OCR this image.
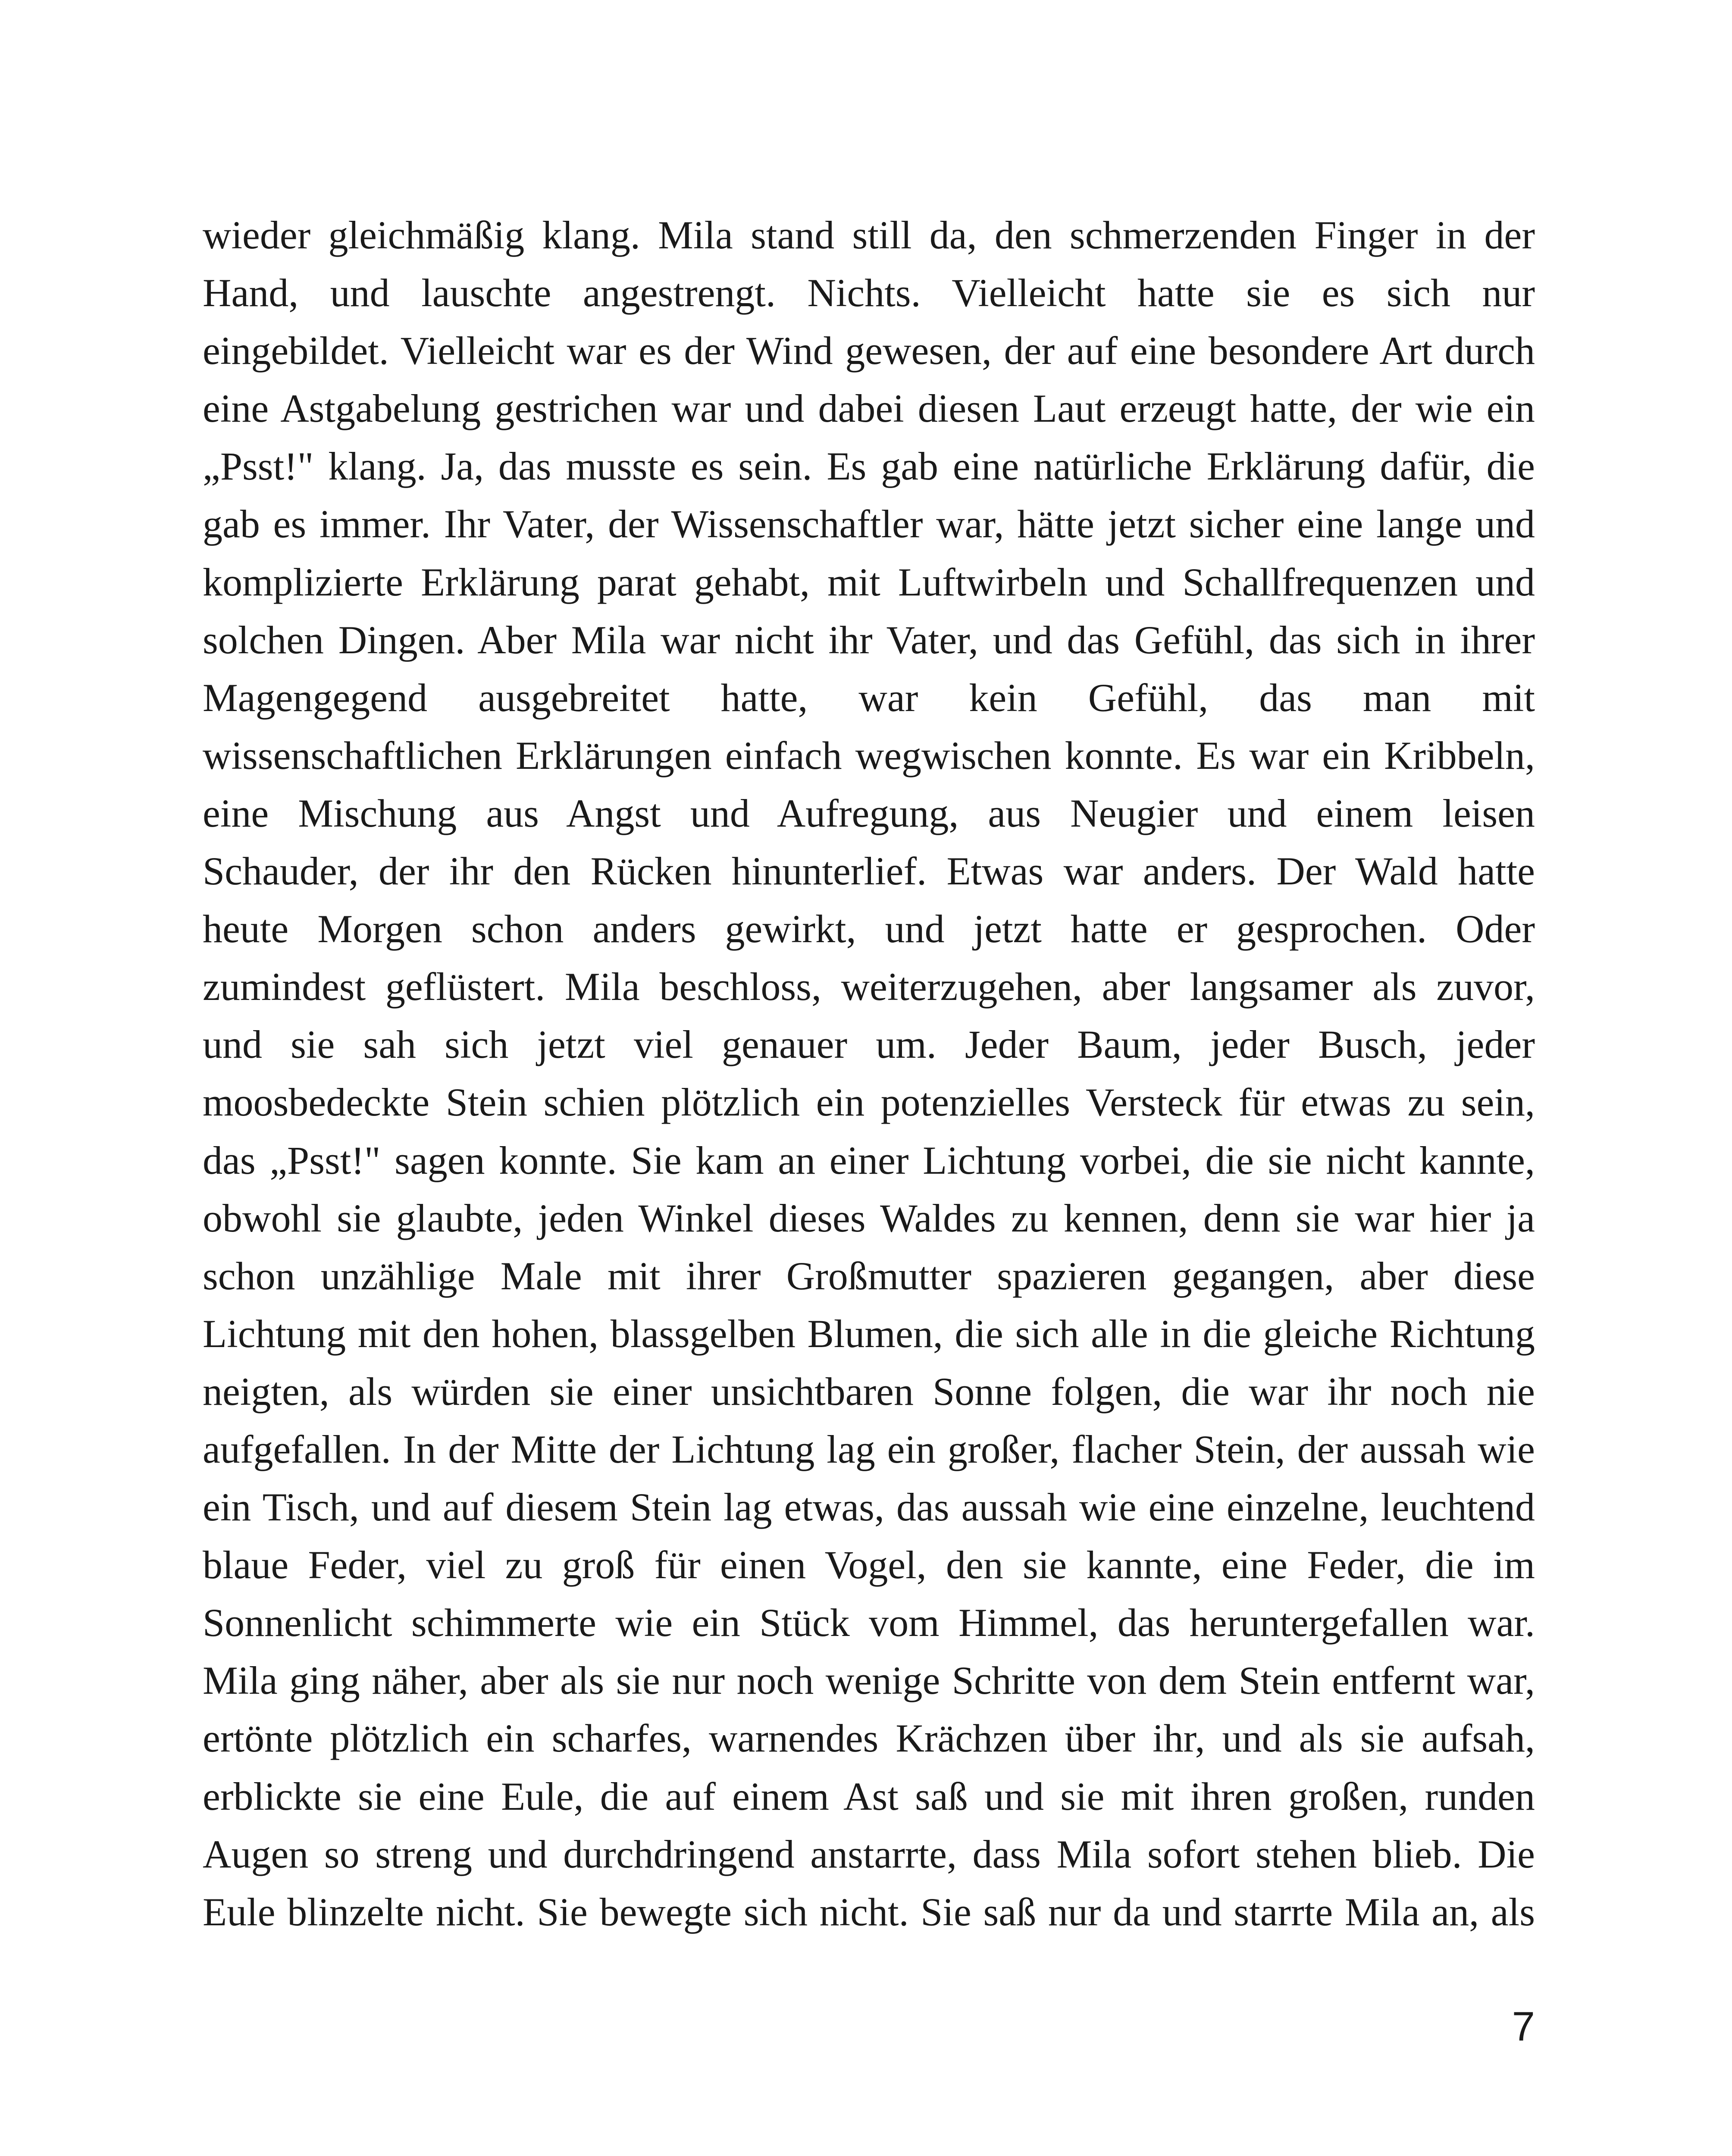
wieder gleichmäßig klang. Mila stand still da, den schmerzenden Finger in der
Hand, und lauschte angestrengt. Nichts. Vielleicht hatte sie es sich nur
eingebildet. Vielleicht war es der Wind gewesen, der auf eine besondere Art durch
eine Astgabelung gestrichen war und dabei diesen Laut erzeugt hatte, der wie ein
„Psst!" klang. Ja, das musste es sein. Es gab eine natürliche Erklärung dafür, die
gab es immer. Ihr Vater, der Wissenschaftler war, hätte jetzt sicher eine lange und
komplizierte Erklärung parat gehabt, mit Luftwirbeln und Schallfrequenzen und
solchen Dingen. Aber Mila war nicht ihr Vater, und das Gefühl, das sich in ihrer
Magengegend ausgebreitet hatte, war kein Gefühl, das man mit
wissenschaftlichen Erklärungen einfach wegwischen konnte. Es war ein Kribbeln,
eine Mischung aus Angst und Aufregung, aus Neugier und einem leisen
Schauder, der ihr den Rücken hinunterlief. Etwas war anders. Der Wald hatte
heute Morgen schon anders gewirkt, und jetzt hatte er gesprochen. Oder
zumindest geflüstert. Mila beschloss, weiterzugehen, aber langsamer als zuvor,
und sie sah sich jetzt viel genauer um. Jeder Baum, jeder Busch, jeder
moosbedeckte Stein schien plötzlich ein potenzielles Versteck für etwas zu sein,
das „Psst!" sagen konnte. Sie kam an einer Lichtung vorbei, die sie nicht kannte,
obwohl sie glaubte, jeden Winkel dieses Waldes zu kennen, denn sie war hier ja
schon unzählige Male mit ihrer Großmutter spazieren gegangen, aber diese
Lichtung mit den hohen, blassgelben Blumen, die sich alle in die gleiche Richtung
neigten, als würden sie einer unsichtbaren Sonne folgen, die war ihr noch nie
aufgefallen. In der Mitte der Lichtung lag ein großer, flacher Stein, der aussah wie
ein Tisch, und auf diesem Stein lag etwas, das aussah wie eine einzelne, leuchtend
blaue Feder, viel zu groß für einen Vogel, den sie kannte, eine Feder, die im
Sonnenlicht schimmerte wie ein Stück vom Himmel, das heruntergefallen war.
Mila ging näher, aber als sie nur noch wenige Schritte von dem Stein entfernt war,
ertönte plötzlich ein scharfes, warnendes Krächzen über ihr, und als sie aufsah,
erblickte sie eine Eule, die auf einem Ast saß und sie mit ihren großen, runden
Augen so streng und durchdringend anstarrte, dass Mila sofort stehen blieb. Die
Eule blinzelte nicht. Sie bewegte sich nicht. Sie saß nur da und starrte Mila an, als
7
